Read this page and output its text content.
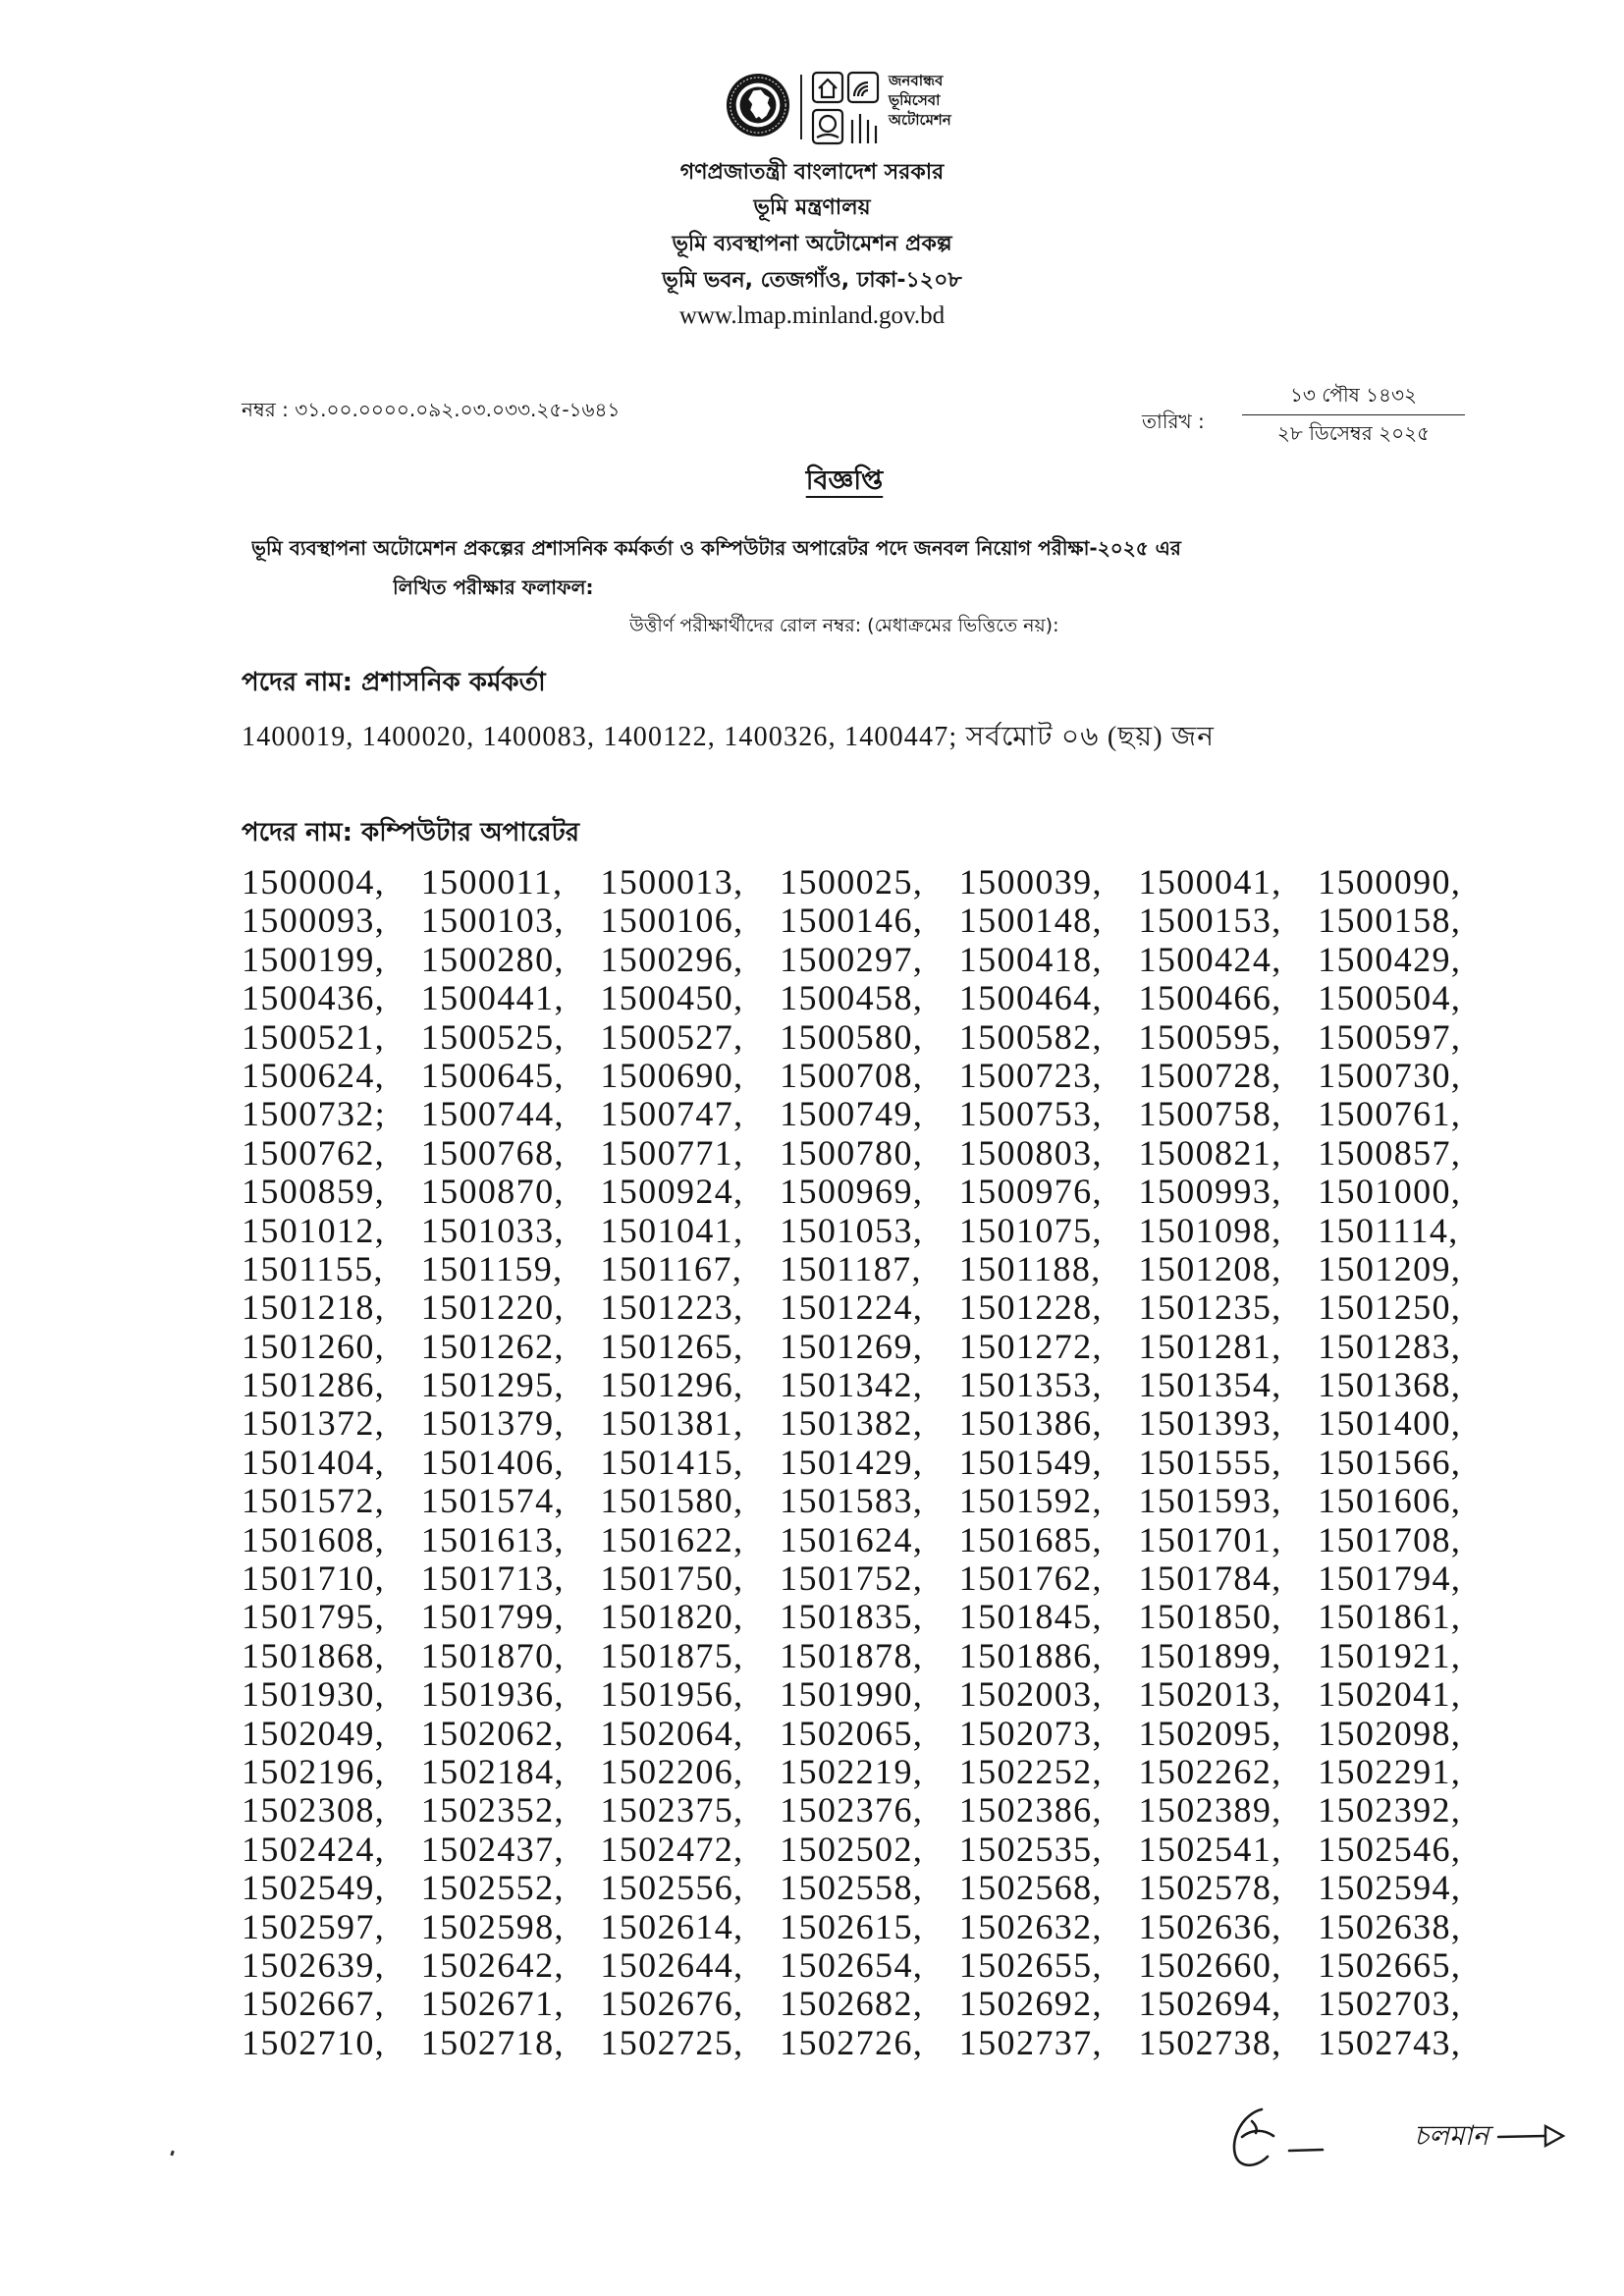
জনবান্ধব
ভূমিসেবা
অটোমেশন
গণপ্রজাতন্ত্রী বাংলাদেশ সরকার
ভূমি মন্ত্রণালয়
ভূমি ব্যবস্থাপনা অটোমেশন প্রকল্প
ভূমি ভবন, তেজগাঁও, ঢাকা-১২০৮
www.lmap.minland.gov.bd
নম্বর : ৩১.০০.০০০০.০৯২.০৩.০৩৩.২৫-১৬৪১	তারিখ :
১৩ পৌষ ১৪৩২
২৮ ডিসেম্বর ২০২৫
বিজ্ঞপ্তি
ভূমি ব্যবস্থাপনা অটোমেশন প্রকল্পের প্রশাসনিক কর্মকর্তা ও কম্পিউটার অপারেটর পদে জনবল নিয়োগ পরীক্ষা-২০২৫ এর
লিখিত পরীক্ষার ফলাফল:
উত্তীর্ণ পরীক্ষার্থীদের রোল নম্বর: (মেধাক্রমের ভিত্তিতে নয়):
পদের নাম: প্রশাসনিক কর্মকর্তা
1400019, 1400020, 1400083, 1400122, 1400326, 1400447; সর্বমোট ০৬ (ছয়) জন
পদের নাম: কম্পিউটার অপারেটর
1500004,	1500011,	1500013,	1500025,	1500039,	1500041,	1500090,
1500093,	1500103,	1500106,	1500146,	1500148,	1500153,	1500158,
1500199,	1500280,	1500296,	1500297,	1500418,	1500424,	1500429,
1500436,	1500441,	1500450,	1500458,	1500464,	1500466,	1500504,
1500521,	1500525,	1500527,	1500580,	1500582,	1500595,	1500597,
1500624,	1500645,	1500690,	1500708,	1500723,	1500728,	1500730,
1500732; 1500744,	1500747,	1500749,	1500753,	1500758,	1500761,
1500762,	1500768,	1500771,	1500780,	1500803,	1500821,	1500857,
1500859,	1500870,	1500924,	1500969,	1500976,	1500993,	1501000,
1501012,	1501033,	1501041,	1501053,	1501075,	1501098,	1501114,
1501155,	1501159,	1501167,	1501187,	1501188,	1501208,	1501209,
1501218,	1501220,	1501223,	1501224,	1501228,	1501235,	1501250,
1501260,	1501262,	1501265,	1501269,	1501272,	1501281,	1501283,
1501286,	1501295,	1501296,	1501342,	1501353,	1501354,	1501368,
1501372,	1501379,	1501381,	1501382,	1501386,	1501393,	1501400,
1501404,	1501406,	1501415,	1501429,	1501549,	1501555,	1501566,
1501572,	1501574,	1501580,	1501583,	1501592,	1501593,	1501606,
1501608,	1501613,	1501622,	1501624,	1501685,	1501701,	1501708,
1501710,	1501713,	1501750,	1501752,	1501762,	1501784,	1501794,
1501795,	1501799,	1501820,	1501835,	1501845,	1501850,	1501861,
1501868,	1501870,	1501875,	1501878,	1501886,	1501899,	1501921,
1501930,	1501936,	1501956,	1501990,	1502003,	1502013,	1502041,
1502049,	1502062,	1502064,	1502065,	1502073,	1502095,	1502098,
1502196,	1502184,	1502206,	1502219,	1502252,	1502262,	1502291,
1502308,	1502352,	1502375,	1502376,	1502386,	1502389,	1502392,
1502424,	1502437,	1502472,	1502502,	1502535,	1502541,	1502546,
1502549,	1502552,	1502556,	1502558,	1502568,	1502578,	1502594,
1502597,	1502598,	1502614,	1502615,	1502632,	1502636,	1502638,
1502639,	1502642,	1502644,	1502654,	1502655,	1502660,	1502665,
1502667,	1502671,	1502676,	1502682,	1502692,	1502694,	1502703,
1502710,	1502718,	1502725,	1502726,	1502737,	1502738,	1502743,
চলমান
